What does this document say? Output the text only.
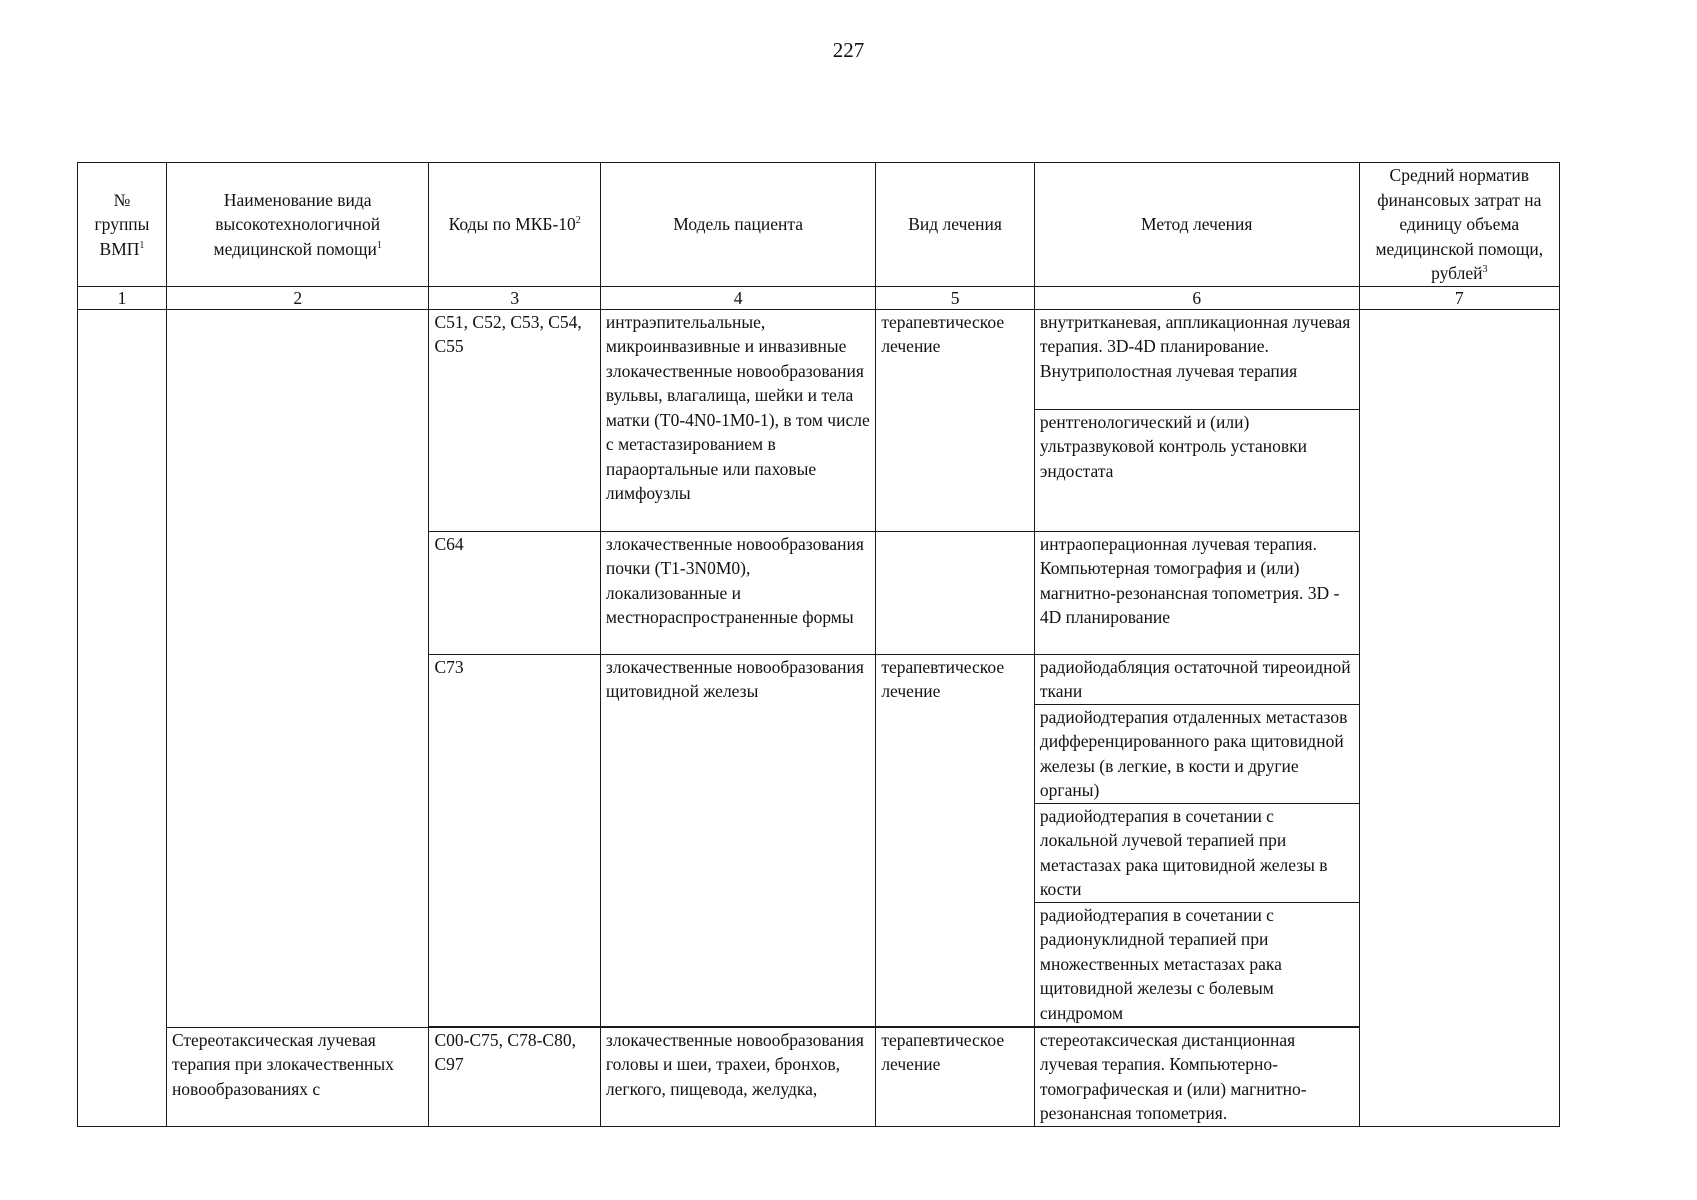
227
№ группы ВМП$^1$	Наименование вида высокотехнологичной медицинской помощи$^1$	Коды по МКБ-$10^2$	Модель пациента	Вид лечения	Метод лечения	Средний норматив финансовых затрат на единицу объема медицинской помощи, рублей$^3$
1	2	3	4	5	6	7
		C51, C52, C53, C54, C55	интраэпительальные, микроинвазивные и инвазивные злокачественные новообразования вульвы, влагалища, шейки и тела матки (T0-4N0-1M0-1), в том числе с метастазированием в параортальные или паховые лимфоузлы	терапевтическое лечение	внутритканевая, аппликационная лучевая терапия. 3D-4D планирование. Внутриполостная лучевая терапия	
					рентгенологический и (или) ультразвуковой контроль установки эндостата	
		C64	злокачественные новообразования почки (T1-3N0M0), локализованные и местнораспространенные формы		интраоперационная лучевая терапия. Компьютерная томография и (или) магнитно-резонансная топометрия. 3D - 4D планирование	
		C73	злокачественные новообразования щитовидной железы	терапевтическое лечение	радиойодабляция остаточной тиреоидной ткани	
					радиойодтерапия отдаленных метастазов дифференцированного рака щитовидной железы (в легкие, в кости и другие органы)	
					радиойодтерапия в сочетании с локальной лучевой терапией при метастазах рака щитовидной железы в кости	
					радиойодтерапия в сочетании с радионуклидной терапией при множественных метастазах рака щитовидной железы с болевым синдромом	

	Стереотаксическая лучевая терапия при злокачественных новообразованиях с	C00-C75, C78-C80, C97	злокачественные новообразования головы и шеи, трахеи, бронхов, легкого, пищевода, желудка,	терапевтическое лечение	стереотаксическая дистанционная лучевая терапия. Компьютерно-томографическая и (или) магнитно-резонансная топометрия.	
